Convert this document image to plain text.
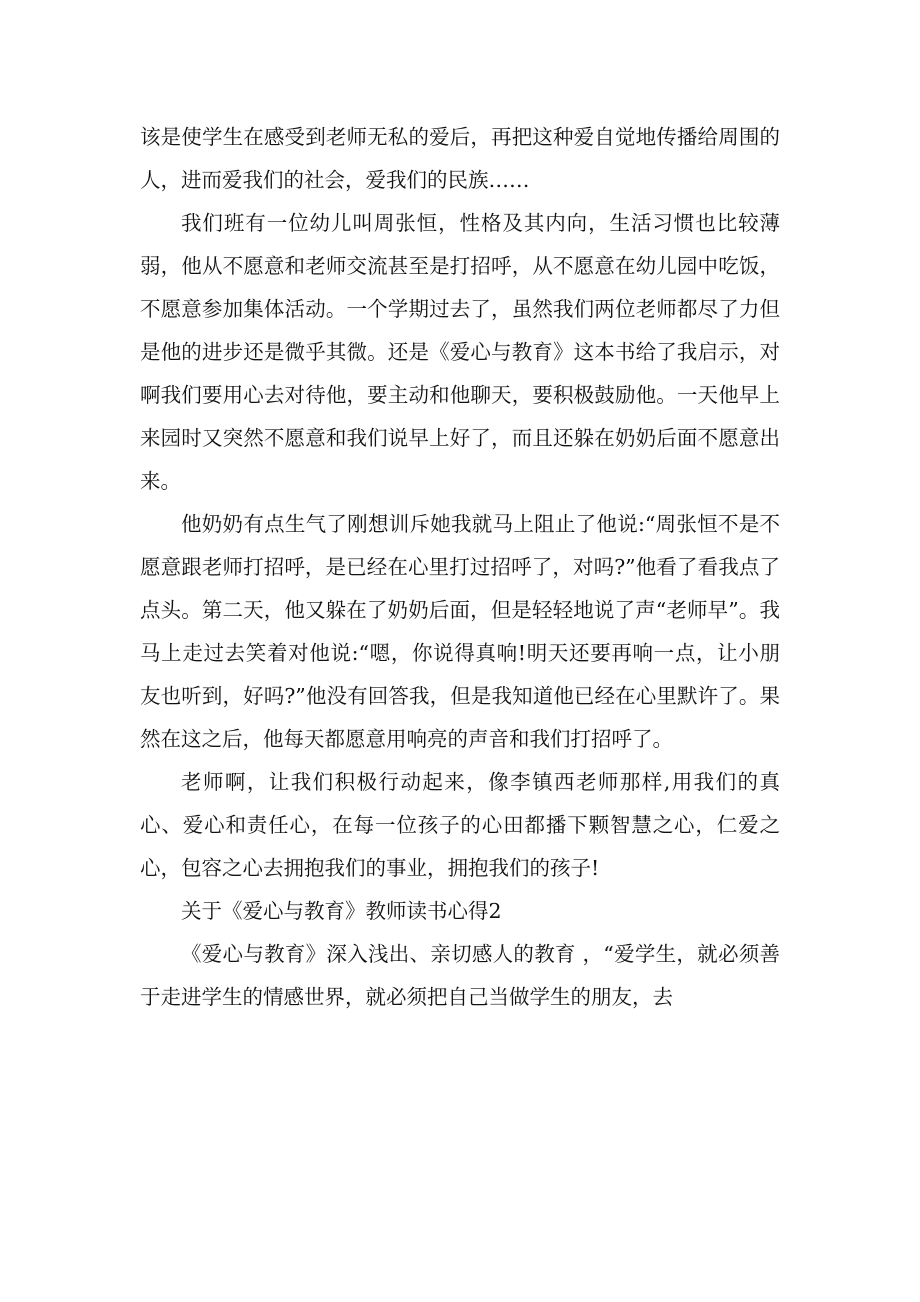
该是使学生在感受到老师无私的爱后，再把这种爱自觉地传播给周围的人，进而爱我们的社会，爱我们的民族……

我们班有一位幼儿叫周张恒，性格及其内向，生活习惯也比较薄弱，他从不愿意和老师交流甚至是打招呼，从不愿意在幼儿园中吃饭，不愿意参加集体活动。一个学期过去了，虽然我们两位老师都尽了力但是他的进步还是微乎其微。还是《爱心与教育》这本书给了我启示，对啊我们要用心去对待他，要主动和他聊天，要积极鼓励他。一天他早上来园时又突然不愿意和我们说早上好了，而且还躲在奶奶后面不愿意出来。

他奶奶有点生气了刚想训斥她我就马上阻止了他说:“周张恒不是不愿意跟老师打招呼，是已经在心里打过招呼了，对吗?”他看了看我点了点头。第二天，他又躲在了奶奶后面，但是轻轻地说了声“老师早”。我马上走过去笑着对他说:“嗯，你说得真响!明天还要再响一点，让小朋友也听到，好吗?”他没有回答我，但是我知道他已经在心里默许了。果然在这之后，他每天都愿意用响亮的声音和我们打招呼了。

老师啊，让我们积极行动起来，像李镇西老师那样,用我们的真心、爱心和责任心，在每一位孩子的心田都播下颗智慧之心，仁爱之心，包容之心去拥抱我们的事业，拥抱我们的孩子!

关于《爱心与教育》教师读书心得2

《爱心与教育》深入浅出、亲切感人的教育 ，“爱学生，就必须善于走进学生的情感世界，就必须把自己当做学生的朋友，去
